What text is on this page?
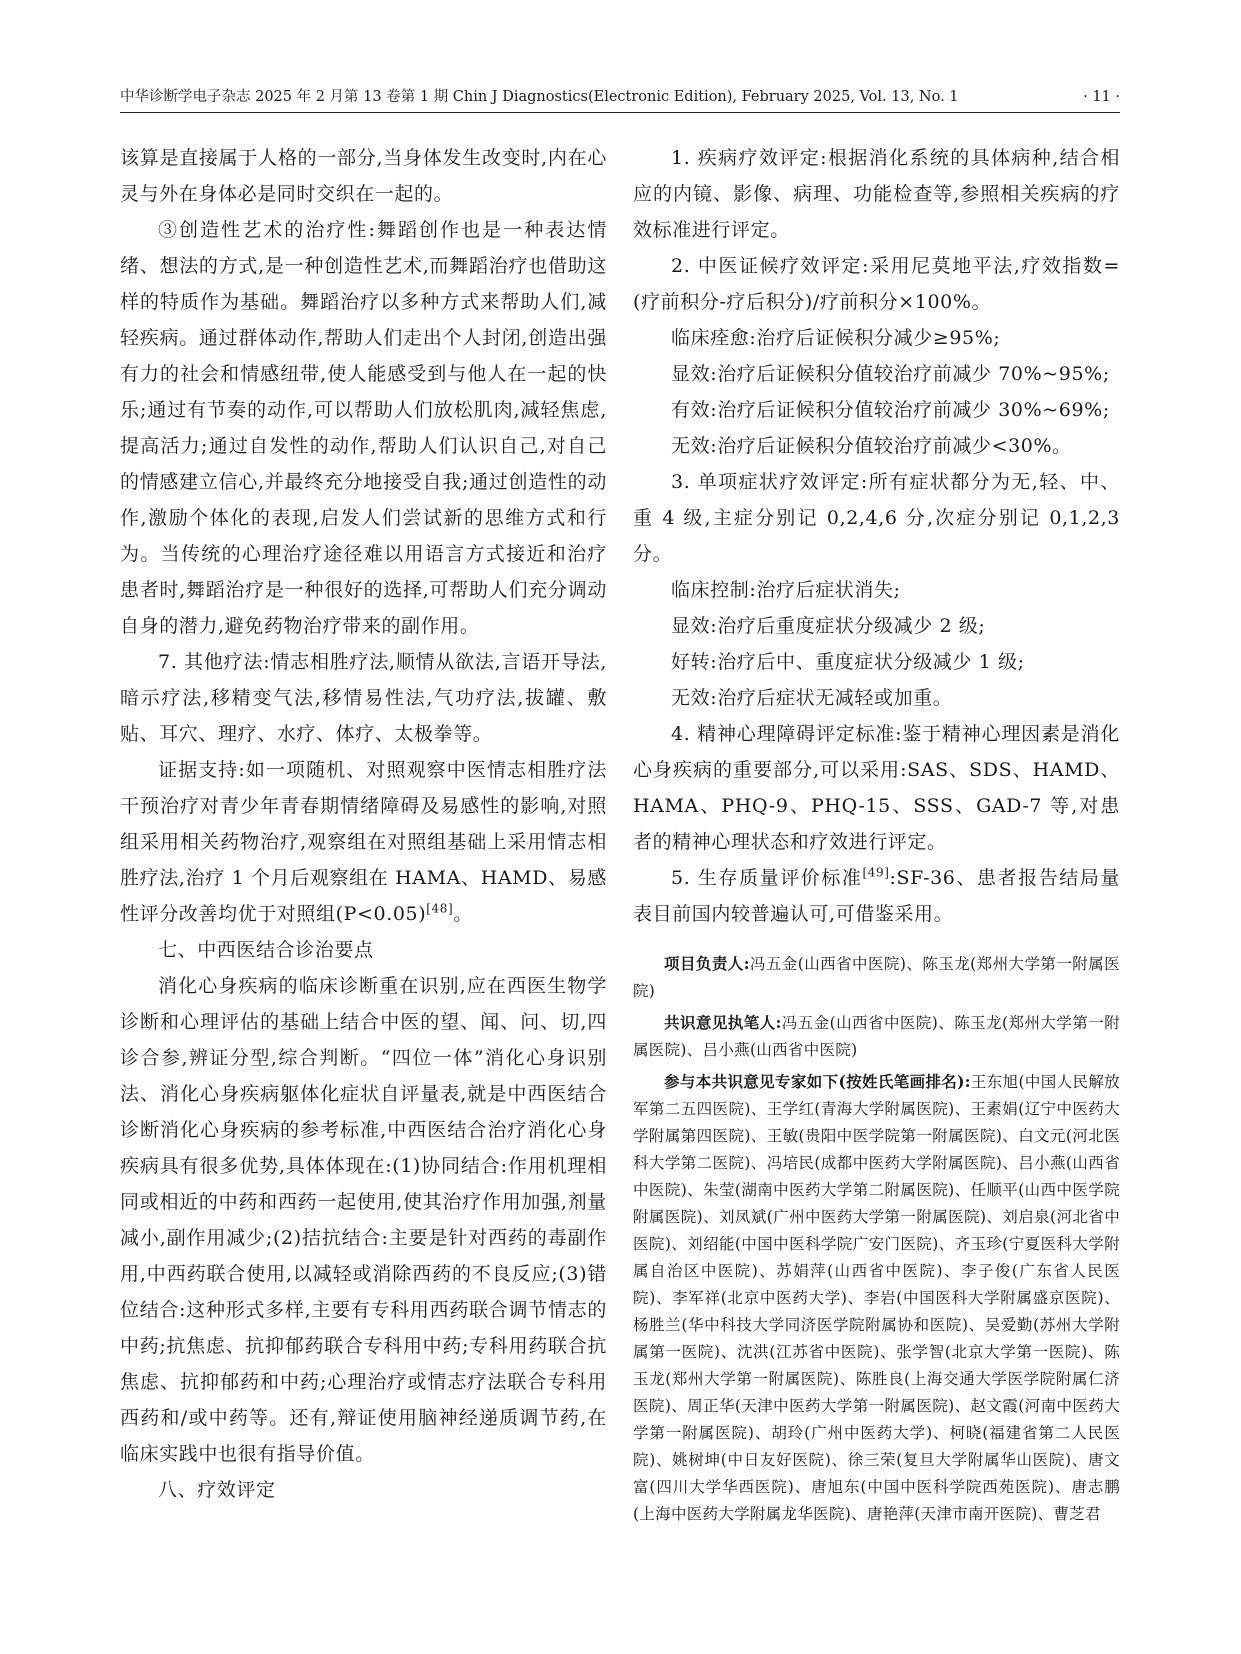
中华诊断学电子杂志 2025 年 2 月第 13 卷第 1 期 Chin J Diagnostics(Electronic Edition), February 2025, Vol. 13, No. 1	· 11 ·

该算是直接属于人格的一部分,当身体发生改变时,内在心灵与外在身体必是同时交织在一起的。

③创造性艺术的治疗性:舞蹈创作也是一种表达情绪、想法的方式,是一种创造性艺术,而舞蹈治疗也借助这样的特质作为基础。舞蹈治疗以多种方式来帮助人们,减轻疾病。通过群体动作,帮助人们走出个人封闭,创造出强有力的社会和情感纽带,使人能感受到与他人在一起的快乐;通过有节奏的动作,可以帮助人们放松肌肉,减轻焦虑,提高活力;通过自发性的动作,帮助人们认识自己,对自己的情感建立信心,并最终充分地接受自我;通过创造性的动作,激励个体化的表现,启发人们尝试新的思维方式和行为。当传统的心理治疗途径难以用语言方式接近和治疗患者时,舞蹈治疗是一种很好的选择,可帮助人们充分调动自身的潜力,避免药物治疗带来的副作用。

7. 其他疗法:情志相胜疗法,顺情从欲法,言语开导法,暗示疗法,移精变气法,移情易性法,气功疗法,拔罐、敷贴、耳穴、理疗、水疗、体疗、太极拳等。

证据支持:如一项随机、对照观察中医情志相胜疗法干预治疗对青少年青春期情绪障碍及易感性的影响,对照组采用相关药物治疗,观察组在对照组基础上采用情志相胜疗法,治疗 1 个月后观察组在 HAMA、HAMD、易感性评分改善均优于对照组(P<0.05)[48]。

七、中西医结合诊治要点

消化心身疾病的临床诊断重在识别,应在西医生物学诊断和心理评估的基础上结合中医的望、闻、问、切,四诊合参,辨证分型,综合判断。“四位一体”消化心身识别法、消化心身疾病躯体化症状自评量表,就是中西医结合诊断消化心身疾病的参考标准,中西医结合治疗消化心身疾病具有很多优势,具体体现在:(1)协同结合:作用机理相同或相近的中药和西药一起使用,使其治疗作用加强,剂量减小,副作用减少;(2)拮抗结合:主要是针对西药的毒副作用,中西药联合使用,以减轻或消除西药的不良反应;(3)错位结合:这种形式多样,主要有专科用西药联合调节情志的中药;抗焦虑、抗抑郁药联合专科用中药;专科用药联合抗焦虑、抗抑郁药和中药;心理治疗或情志疗法联合专科用西药和/或中药等。还有,辩证使用脑神经递质调节药,在临床实践中也很有指导价值。

八、疗效评定

1. 疾病疗效评定:根据消化系统的具体病种,结合相应的内镜、影像、病理、功能检查等,参照相关疾病的疗效标准进行评定。

2. 中医证候疗效评定:采用尼莫地平法,疗效指数=(疗前积分-疗后积分)/疗前积分×100%。

临床痊愈:治疗后证候积分减少≥95%;

显效:治疗后证候积分值较治疗前减少 70%~95%;

有效:治疗后证候积分值较治疗前减少 30%~69%;

无效:治疗后证候积分值较治疗前减少<30%。

3. 单项症状疗效评定:所有症状都分为无,轻、中、重 4 级,主症分别记 0,2,4,6 分,次症分别记 0,1,2,3 分。

临床控制:治疗后症状消失;

显效:治疗后重度症状分级减少 2 级;

好转:治疗后中、重度症状分级减少 1 级;

无效:治疗后症状无减轻或加重。

4. 精神心理障碍评定标准:鉴于精神心理因素是消化心身疾病的重要部分,可以采用:SAS、SDS、HAMD、HAMA、PHQ-9、PHQ-15、SSS、GAD-7 等,对患者的精神心理状态和疗效进行评定。

5. 生存质量评价标准[49]:SF-36、患者报告结局量表目前国内较普遍认可,可借鉴采用。

项目负责人:冯五金(山西省中医院)、陈玉龙(郑州大学第一附属医院)

共识意见执笔人:冯五金(山西省中医院)、陈玉龙(郑州大学第一附属医院)、吕小燕(山西省中医院)

参与本共识意见专家如下(按姓氏笔画排名):王东旭(中国人民解放军第二五四医院)、王学红(青海大学附属医院)、王素娟(辽宁中医药大学附属第四医院)、王敏(贵阳中医学院第一附属医院)、白文元(河北医科大学第二医院)、冯培民(成都中医药大学附属医院)、吕小燕(山西省中医院)、朱莹(湖南中医药大学第二附属医院)、任顺平(山西中医学院附属医院)、刘凤斌(广州中医药大学第一附属医院)、刘启泉(河北省中医院)、刘绍能(中国中医科学院广安门医院)、齐玉珍(宁夏医科大学附属自治区中医院)、苏娟萍(山西省中医院)、李子俊(广东省人民医院)、李军祥(北京中医药大学)、李岩(中国医科大学附属盛京医院)、杨胜兰(华中科技大学同济医学院附属协和医院)、吴爱勤(苏州大学附属第一医院)、沈洪(江苏省中医院)、张学智(北京大学第一医院)、陈玉龙(郑州大学第一附属医院)、陈胜良(上海交通大学医学院附属仁济医院)、周正华(天津中医药大学第一附属医院)、赵文霞(河南中医药大学第一附属医院)、胡玲(广州中医药大学)、柯晓(福建省第二人民医院)、姚树坤(中日友好医院)、徐三荣(复旦大学附属华山医院)、唐文富(四川大学华西医院)、唐旭东(中国中医科学院西苑医院)、唐志鹏(上海中医药大学附属龙华医院)、唐艳萍(天津市南开医院)、曹芝君
